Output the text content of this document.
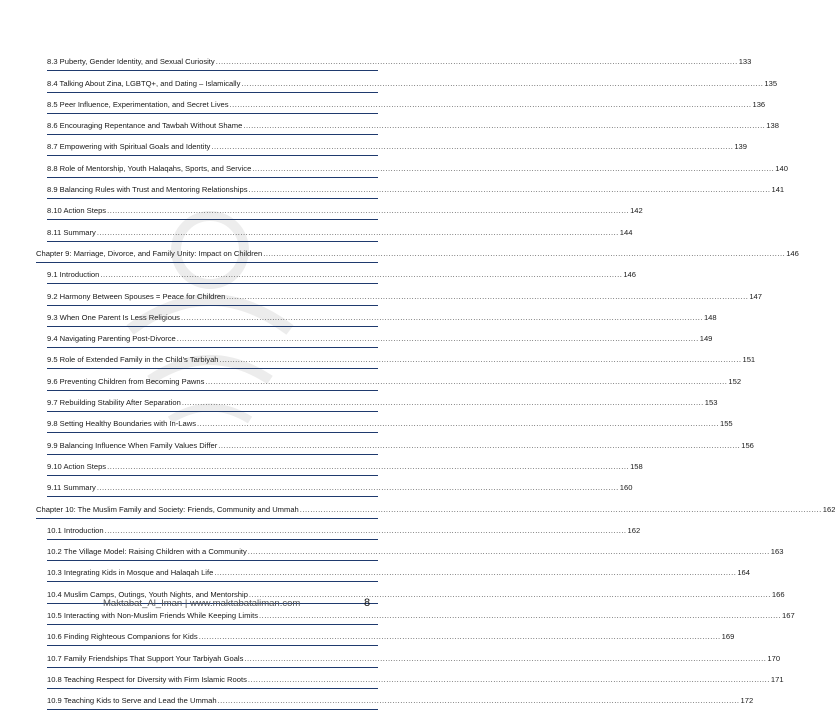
8.3 Puberty, Gender Identity, and Sexual Curiosity ........................................................................................................................................................................................................ 133
8.4 Talking About Zina, LGBTQ+, and Dating – Islamically ........................................................................................................................................................................................................ 135
8.5 Peer Influence, Experimentation, and Secret Lives ........................................................................................................................................................................................................ 136
8.6 Encouraging Repentance and Tawbah Without Shame ........................................................................................................................................................................................................ 138
8.7 Empowering with Spiritual Goals and Identity ........................................................................................................................................................................................................ 139
8.8 Role of Mentorship, Youth Halaqahs, Sports, and Service ........................................................................................................................................................................................................ 140
8.9 Balancing Rules with Trust and Mentoring Relationships ........................................................................................................................................................................................................ 141
8.10 Action Steps ........................................................................................................................................................................................................ 142
8.11 Summary ........................................................................................................................................................................................................ 144
Chapter 9: Marriage, Divorce, and Family Unity: Impact on Children ........................................................................................................................................................................................................ 146
9.1 Introduction ........................................................................................................................................................................................................ 146
9.2 Harmony Between Spouses = Peace for Children ........................................................................................................................................................................................................ 147
9.3 When One Parent Is Less Religious ........................................................................................................................................................................................................ 148
9.4 Navigating Parenting Post-Divorce ........................................................................................................................................................................................................ 149
9.5 Role of Extended Family in the Child’s Tarbiyah ........................................................................................................................................................................................................ 151
9.6 Preventing Children from Becoming Pawns ........................................................................................................................................................................................................ 152
9.7 Rebuilding Stability After Separation ........................................................................................................................................................................................................ 153
9.8 Setting Healthy Boundaries with In-Laws ........................................................................................................................................................................................................ 155
9.9 Balancing Influence When Family Values Differ ........................................................................................................................................................................................................ 156
9.10 Action Steps ........................................................................................................................................................................................................ 158
9.11 Summary ........................................................................................................................................................................................................ 160
Chapter 10: The Muslim Family and Society: Friends, Community and Ummah ........................................................................................................................................................................................................ 162
10.1 Introduction ........................................................................................................................................................................................................ 162
10.2 The Village Model: Raising Children with a Community ........................................................................................................................................................................................................ 163
10.3 Integrating Kids in Mosque and Halaqah Life ........................................................................................................................................................................................................ 164
10.4 Muslim Camps, Outings, Youth Nights, and Mentorship ........................................................................................................................................................................................................ 166
10.5 Interacting with Non-Muslim Friends While Keeping Limits ........................................................................................................................................................................................................ 167
10.6 Finding Righteous Companions for Kids ........................................................................................................................................................................................................ 169
10.7 Family Friendships That Support Your Tarbiyah Goals ........................................................................................................................................................................................................ 170
10.8 Teaching Respect for Diversity with Firm Islamic Roots ........................................................................................................................................................................................................ 171
10.9 Teaching Kids to Serve and Lead the Ummah ........................................................................................................................................................................................................ 172
Maktabat_Al_Iman | www.maktabataliman.com	8
